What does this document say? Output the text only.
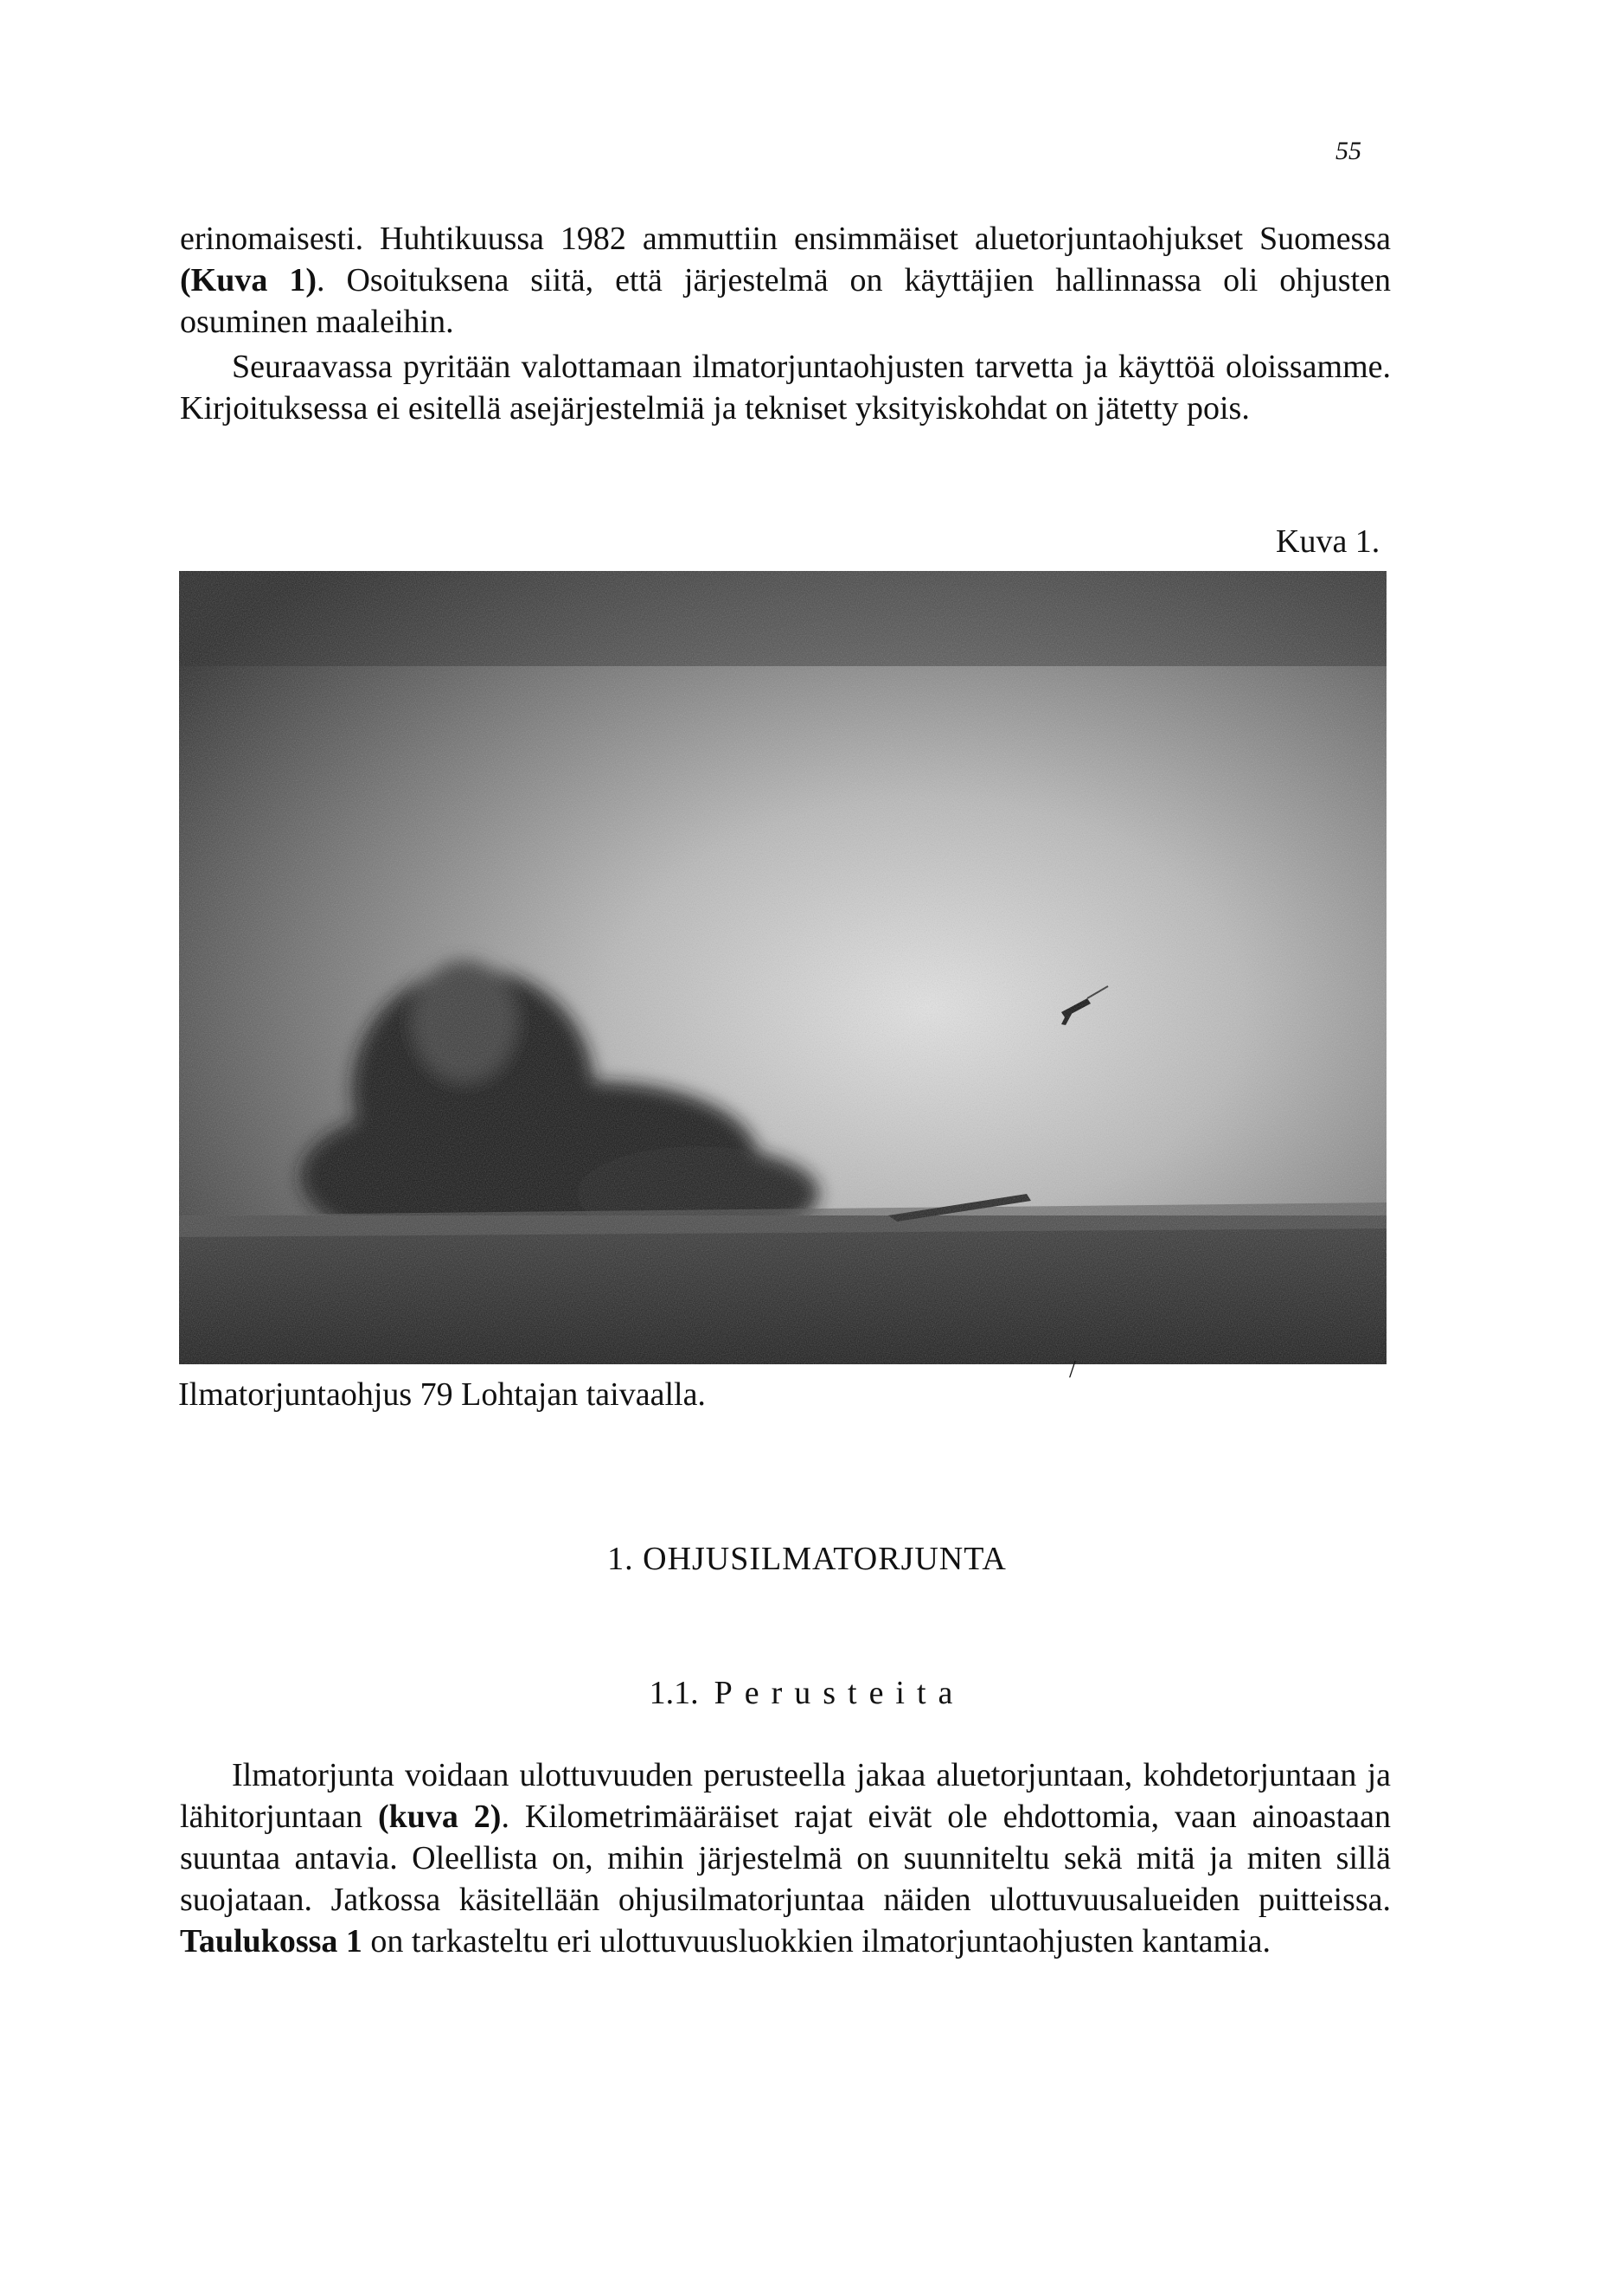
55
erinomaisesti. Huhtikuussa 1982 ammuttiin ensimmäiset aluetorjuntaohjukset Suomessa (Kuva 1). Osoituksena siitä, että järjestelmä on käyttäjien hallinnassa oli ohjusten osuminen maaleihin.
Seuraavassa pyritään valottamaan ilmatorjuntaohjusten tarvetta ja käyttöä oloissamme. Kirjoituksessa ei esitellä asejärjestelmiä ja tekniset yksityiskohdat on jätetty pois.
Kuva 1.
Ilmatorjuntaohjus 79 Lohtajan taivaalla.
/
1. OHJUSILMATORJUNTA
1.1. Perusteita
Ilmatorjunta voidaan ulottuvuuden perusteella jakaa aluetorjuntaan, kohdetorjuntaan ja lähitorjuntaan (kuva 2). Kilometrimääräiset rajat eivät ole ehdottomia, vaan ainoastaan suuntaa antavia. Oleellista on, mihin järjestelmä on suunniteltu sekä mitä ja miten sillä suojataan. Jatkossa käsitellään ohjusilmatorjuntaa näiden ulottuvuusalueiden puitteissa. Taulukossa 1 on tarkasteltu eri ulottuvuusluokkien ilmatorjuntaohjusten kantamia.
